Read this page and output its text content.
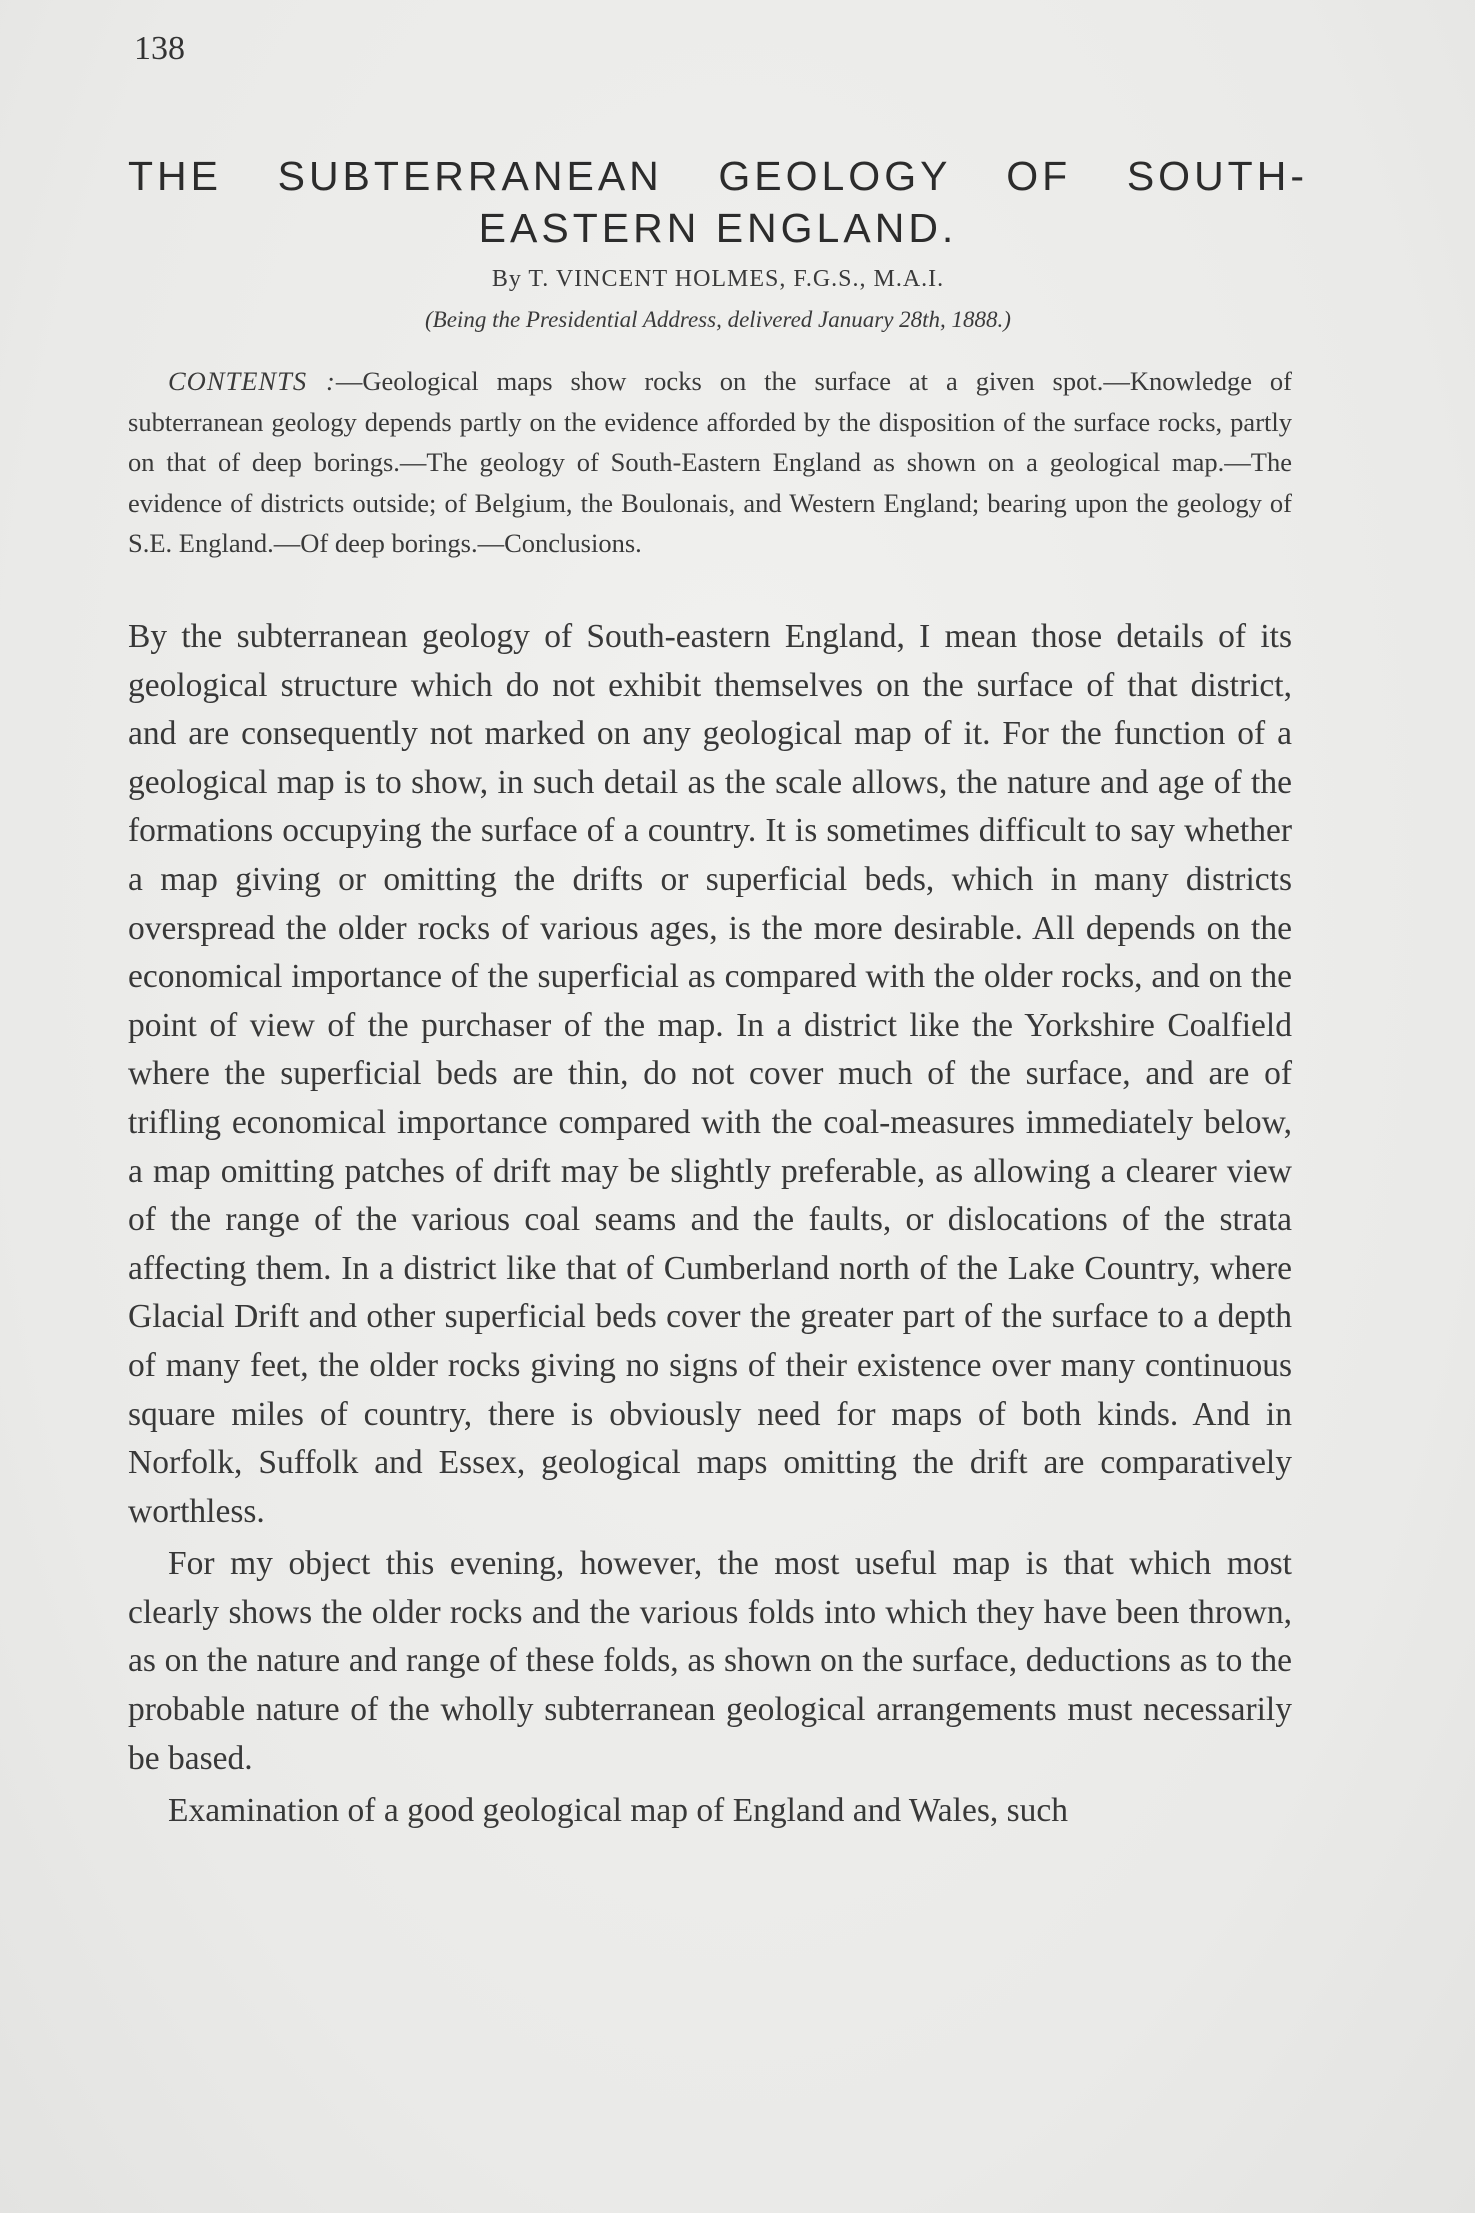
138
THE SUBTERRANEAN GEOLOGY OF SOUTH-
EASTERN ENGLAND.
By T. VINCENT HOLMES, F.G.S., M.A.I.
(Being the Presidential Address, delivered January 28th, 1888.)

CONTENTS :—Geological maps show rocks on the surface at a given spot.—Knowledge of subterranean geology depends partly on the evidence afforded by the disposition of the surface rocks, partly on that of deep borings.—The geology of South-Eastern England as shown on a geological map.—The evidence of districts outside; of Belgium, the Boulonais, and Western England; bearing upon the geology of S.E. England.—Of deep borings.—Conclusions.

By the subterranean geology of South-eastern England, I mean those details of its geological structure which do not exhibit themselves on the surface of that district, and are consequently not marked on any geological map of it. For the function of a geological map is to show, in such detail as the scale allows, the nature and age of the formations occupying the surface of a country. It is sometimes difficult to say whether a map giving or omitting the drifts or superficial beds, which in many districts overspread the older rocks of various ages, is the more desirable. All depends on the economical importance of the superficial as compared with the older rocks, and on the point of view of the purchaser of the map. In a district like the Yorkshire Coalfield where the superficial beds are thin, do not cover much of the surface, and are of trifling economical importance compared with the coal-measures immediately below, a map omitting patches of drift may be slightly preferable, as allowing a clearer view of the range of the various coal seams and the faults, or dislocations of the strata affecting them. In a district like that of Cumberland north of the Lake Country, where Glacial Drift and other superficial beds cover the greater part of the surface to a depth of many feet, the older rocks giving no signs of their existence over many continuous square miles of country, there is obviously need for maps of both kinds. And in Norfolk, Suffolk and Essex, geological maps omitting the drift are comparatively worthless.

For my object this evening, however, the most useful map is that which most clearly shows the older rocks and the various folds into which they have been thrown, as on the nature and range of these folds, as shown on the surface, deductions as to the probable nature of the wholly subterranean geological arrangements must necessarily be based.

Examination of a good geological map of England and Wales, such
